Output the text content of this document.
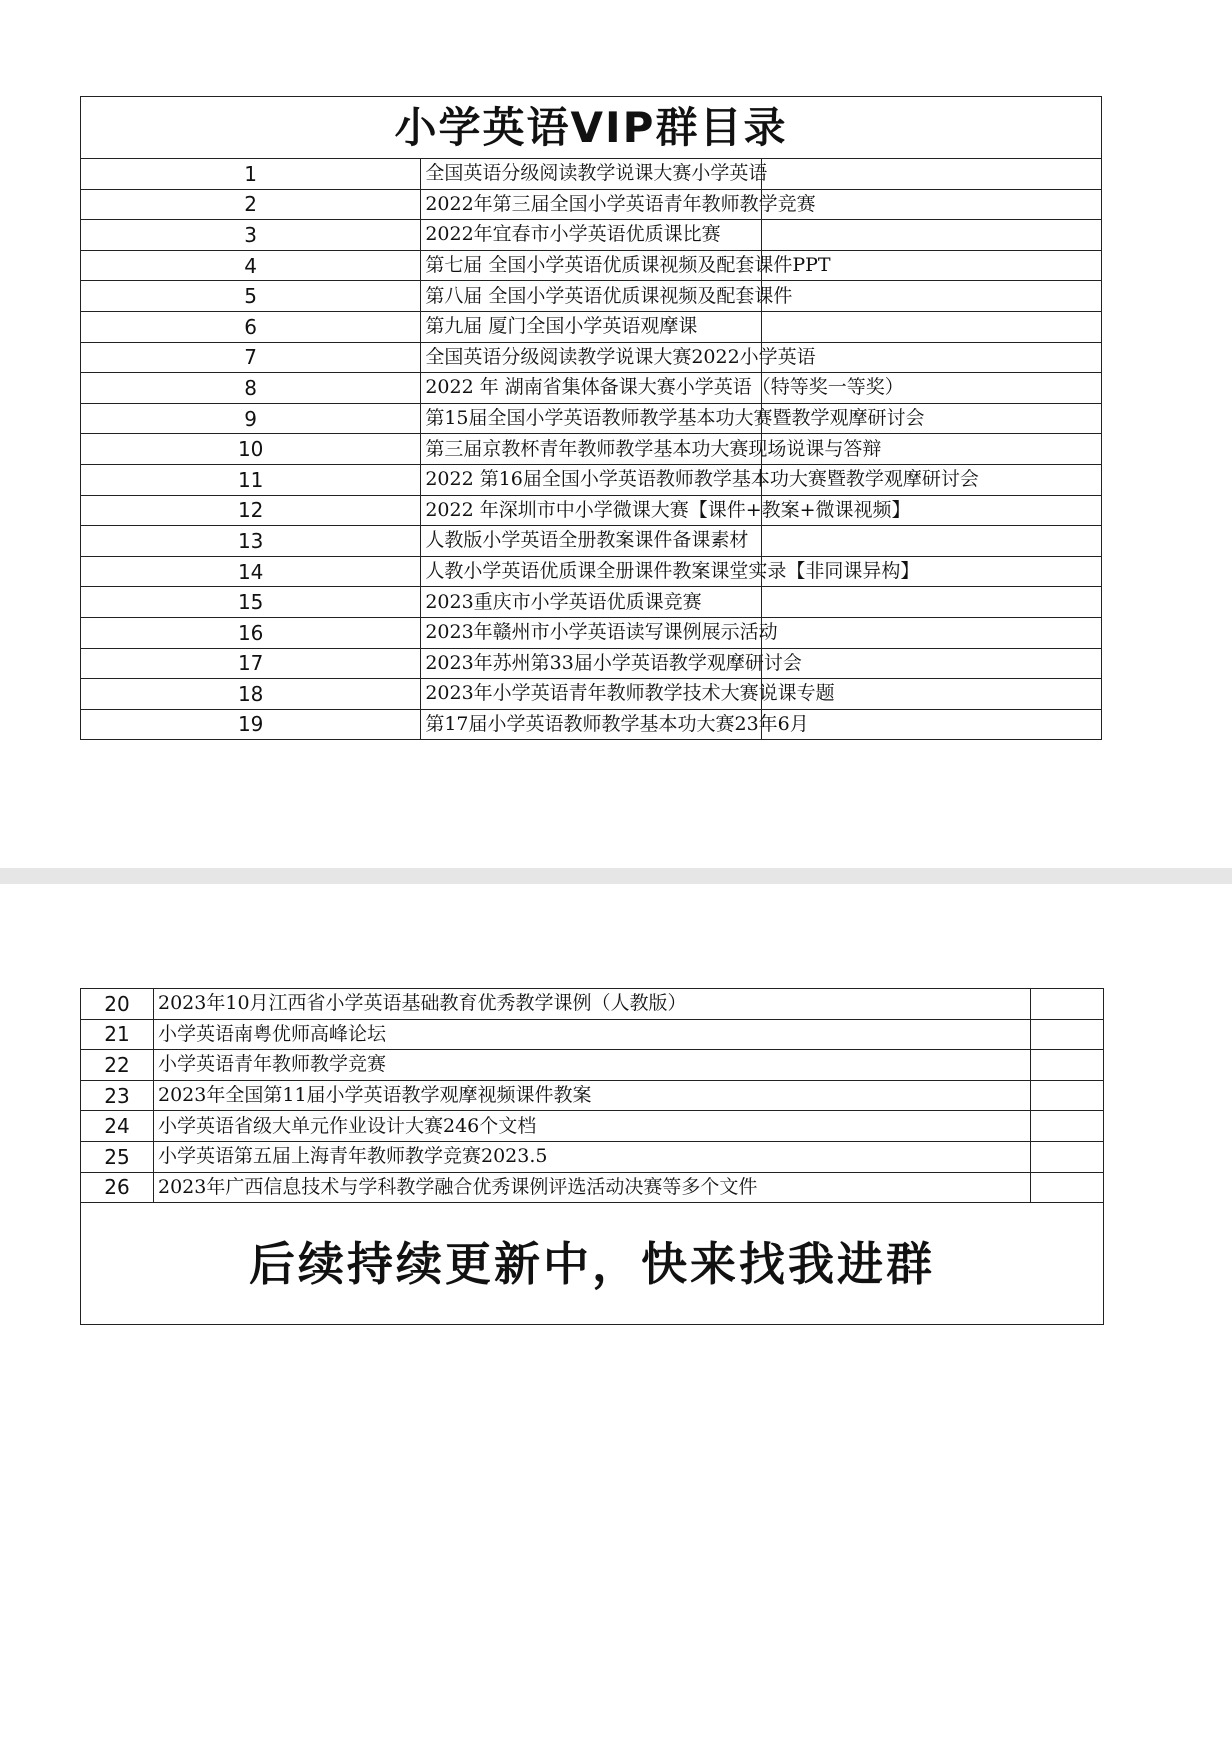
小学英语VIP群目录		
1	全国英语分级阅读教学说课大赛小学英语	
2	2022年第三届全国小学英语青年教师教学竞赛	
3	2022年宜春市小学英语优质课比赛	
4	第七届 全国小学英语优质课视频及配套课件PPT	
5	第八届 全国小学英语优质课视频及配套课件	
6	第九届 厦门全国小学英语观摩课	
7	全国英语分级阅读教学说课大赛2022小学英语	
8	2022 年 湖南省集体备课大赛小学英语（特等奖一等奖）	
9	第15届全国小学英语教师教学基本功大赛暨教学观摩研讨会	
10	第三届京教杯青年教师教学基本功大赛现场说课与答辩	
11	2022 第16届全国小学英语教师教学基本功大赛暨教学观摩研讨会	
12	2022 年深圳市中小学微课大赛【课件+教案+微课视频】	
13	人教版小学英语全册教案课件备课素材	
14	人教小学英语优质课全册课件教案课堂实录【非同课异构】	
15	2023重庆市小学英语优质课竞赛	
16	2023年赣州市小学英语读写课例展示活动	
17	2023年苏州第33届小学英语教学观摩研讨会	
18	2023年小学英语青年教师教学技术大赛说课专题	
19	第17届小学英语教师教学基本功大赛23年6月	
20	2023年10月江西省小学英语基础教育优秀教学课例（人教版）	
21	小学英语南粤优师高峰论坛	
22	小学英语青年教师教学竞赛	
23	2023年全国第11届小学英语教学观摩视频课件教案	
24	小学英语省级大单元作业设计大赛246个文档	
25	小学英语第五届上海青年教师教学竞赛2023.5	
26	2023年广西信息技术与学科教学融合优秀课例评选活动决赛等多个文件	
后续持续更新中，快来找我进群		
